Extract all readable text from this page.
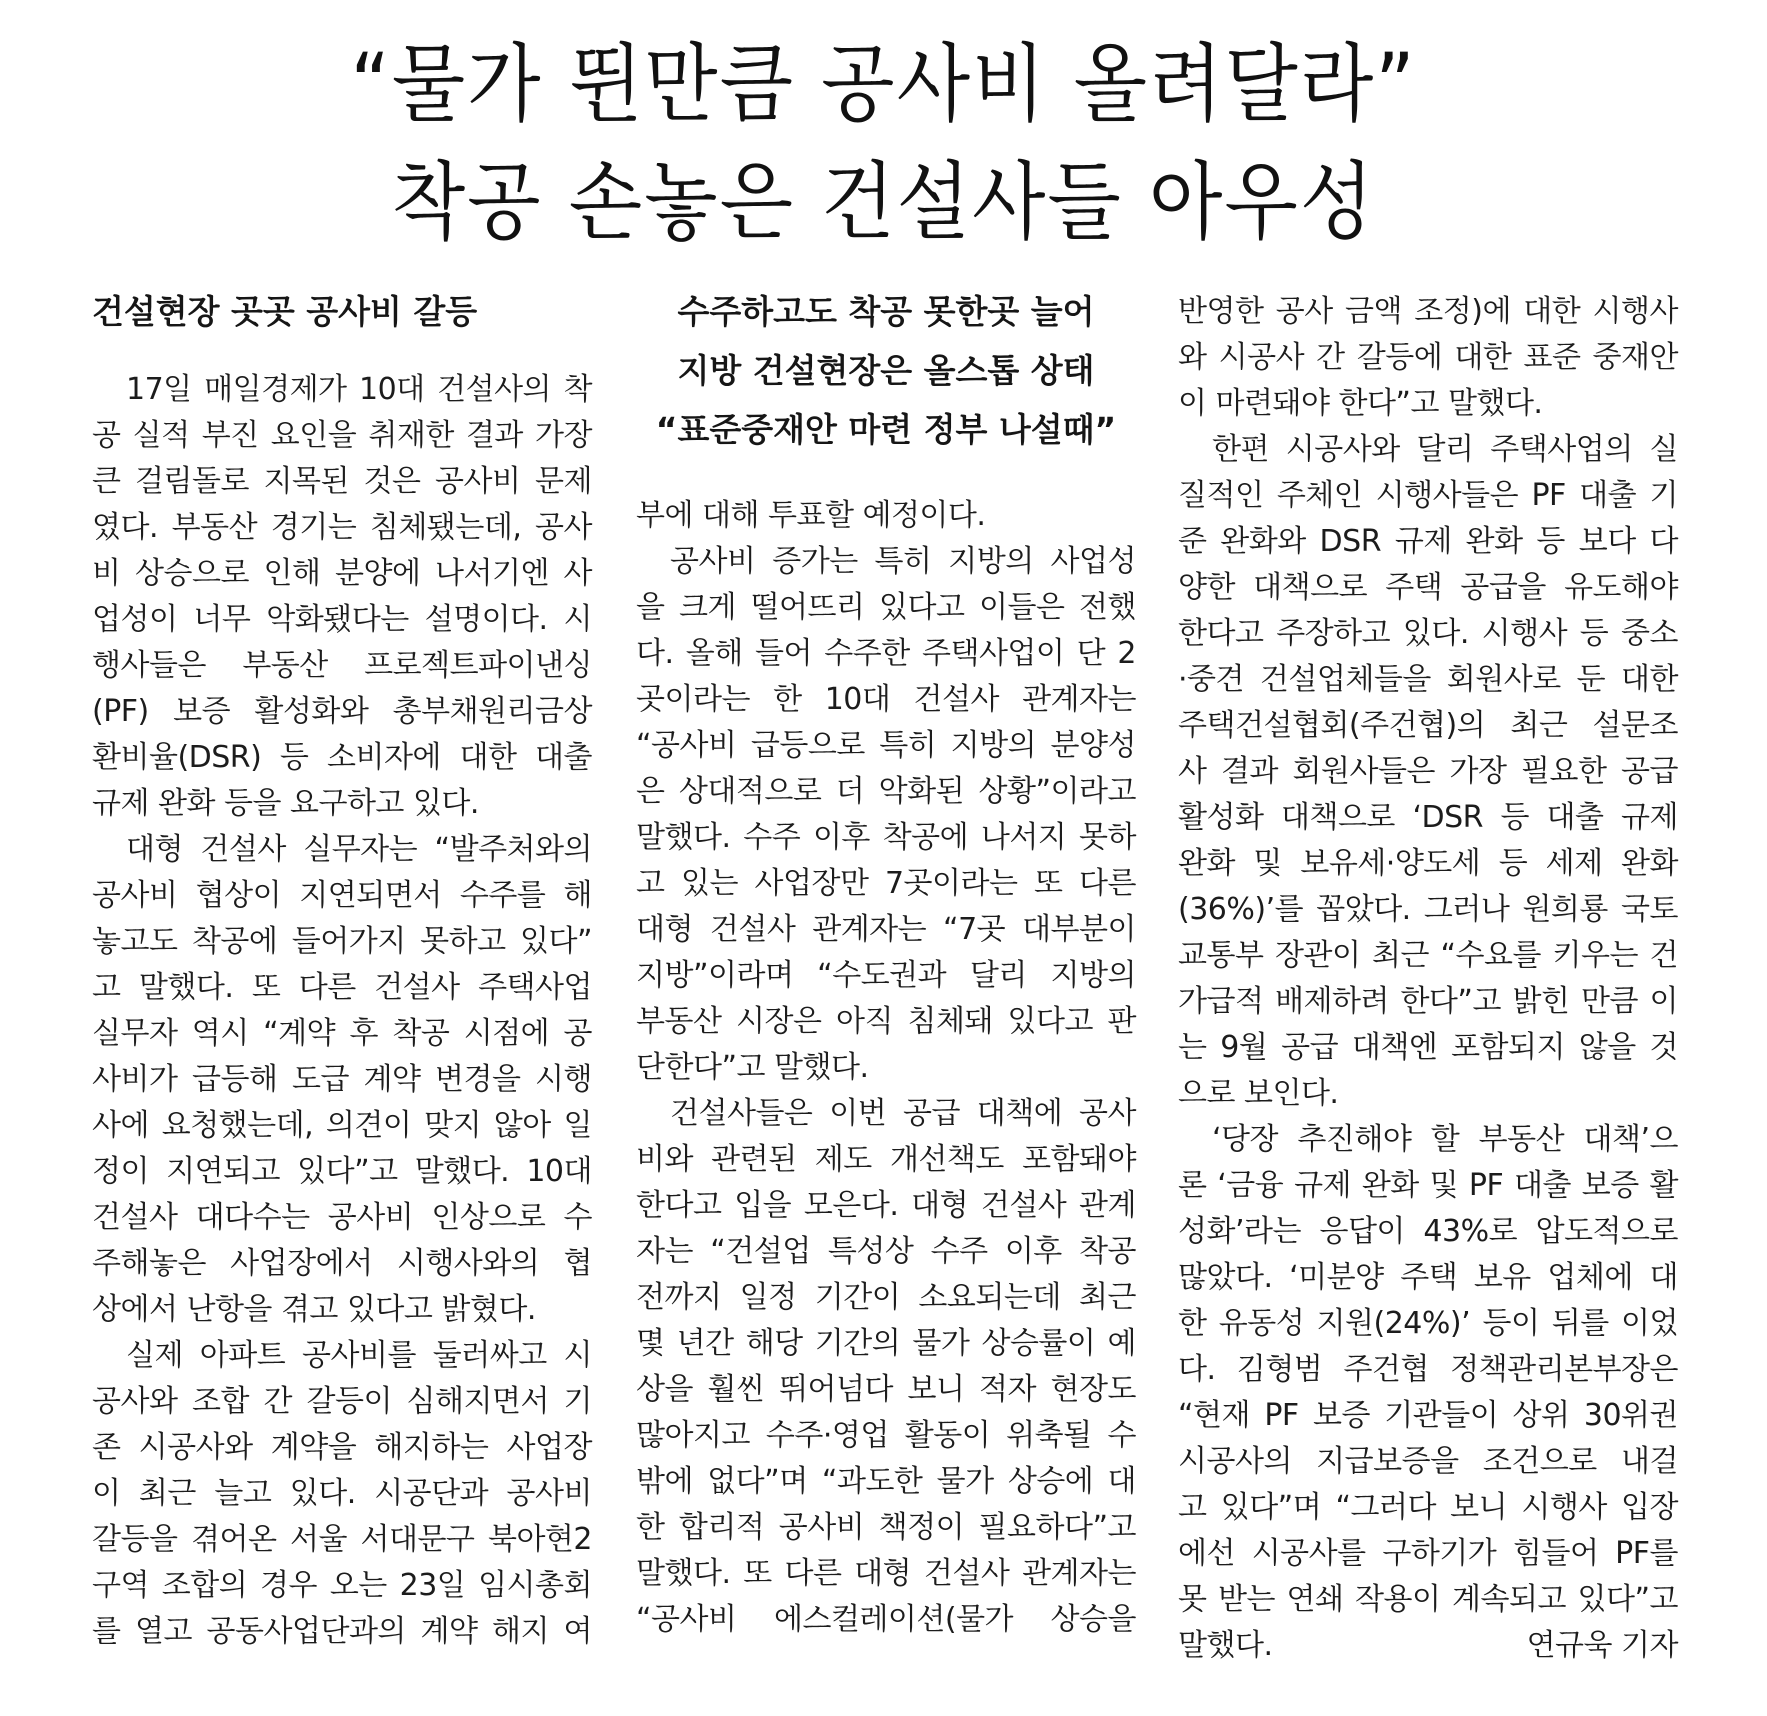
“물가 뛴만큼 공사비 올려달라”
착공 손놓은 건설사들 아우성
건설현장 곳곳 공사비 갈등
17일 매일경제가 10대 건설사의 착
공 실적 부진 요인을 취재한 결과 가장
큰 걸림돌로 지목된 것은 공사비 문제
였다. 부동산 경기는 침체됐는데, 공사
비 상승으로 인해 분양에 나서기엔 사
업성이 너무 악화됐다는 설명이다. 시
행사들은 부동산 프로젝트파이낸싱
(PF) 보증 활성화와 총부채원리금상
환비율(DSR) 등 소비자에 대한 대출
규제 완화 등을 요구하고 있다.
대형 건설사 실무자는 “발주처와의
공사비 협상이 지연되면서 수주를 해
놓고도 착공에 들어가지 못하고 있다”
고 말했다. 또 다른 건설사 주택사업
실무자 역시 “계약 후 착공 시점에 공
사비가 급등해 도급 계약 변경을 시행
사에 요청했는데, 의견이 맞지 않아 일
정이 지연되고 있다”고 말했다. 10대
건설사 대다수는 공사비 인상으로 수
주해놓은 사업장에서 시행사와의 협
상에서 난항을 겪고 있다고 밝혔다.
실제 아파트 공사비를 둘러싸고 시
공사와 조합 간 갈등이 심해지면서 기
존 시공사와 계약을 해지하는 사업장
이 최근 늘고 있다. 시공단과 공사비
갈등을 겪어온 서울 서대문구 북아현2
구역 조합의 경우 오는 23일 임시총회
를 열고 공동사업단과의 계약 해지 여
수주하고도 착공 못한곳 늘어
지방 건설현장은 올스톱 상태
“표준중재안 마련 정부 나설때”
부에 대해 투표할 예정이다.
공사비 증가는 특히 지방의 사업성
을 크게 떨어뜨리 있다고 이들은 전했
다. 올해 들어 수주한 주택사업이 단 2
곳이라는 한 10대 건설사 관계자는
“공사비 급등으로 특히 지방의 분양성
은 상대적으로 더 악화된 상황”이라고
말했다. 수주 이후 착공에 나서지 못하
고 있는 사업장만 7곳이라는 또 다른
대형 건설사 관계자는 “7곳 대부분이
지방”이라며 “수도권과 달리 지방의
부동산 시장은 아직 침체돼 있다고 판
단한다”고 말했다.
건설사들은 이번 공급 대책에 공사
비와 관련된 제도 개선책도 포함돼야
한다고 입을 모은다. 대형 건설사 관계
자는 “건설업 특성상 수주 이후 착공
전까지 일정 기간이 소요되는데 최근
몇 년간 해당 기간의 물가 상승률이 예
상을 훨씬 뛰어넘다 보니 적자 현장도
많아지고 수주·영업 활동이 위축될 수
밖에 없다”며 “과도한 물가 상승에 대
한 합리적 공사비 책정이 필요하다”고
말했다. 또 다른 대형 건설사 관계자는
“공사비 에스컬레이션(물가 상승을
반영한 공사 금액 조정)에 대한 시행사
와 시공사 간 갈등에 대한 표준 중재안
이 마련돼야 한다”고 말했다.
한편 시공사와 달리 주택사업의 실
질적인 주체인 시행사들은 PF 대출 기
준 완화와 DSR 규제 완화 등 보다 다
양한 대책으로 주택 공급을 유도해야
한다고 주장하고 있다. 시행사 등 중소
·중견 건설업체들을 회원사로 둔 대한
주택건설협회(주건협)의 최근 설문조
사 결과 회원사들은 가장 필요한 공급
활성화 대책으로 ‘DSR 등 대출 규제
완화 및 보유세·양도세 등 세제 완화
(36%)’를 꼽았다. 그러나 원희룡 국토
교통부 장관이 최근 “수요를 키우는 건
가급적 배제하려 한다”고 밝힌 만큼 이
는 9월 공급 대책엔 포함되지 않을 것
으로 보인다.
‘당장 추진해야 할 부동산 대책’으
론 ‘금융 규제 완화 및 PF 대출 보증 활
성화’라는 응답이 43%로 압도적으로
많았다. ‘미분양 주택 보유 업체에 대
한 유동성 지원(24%)’ 등이 뒤를 이었
다. 김형범 주건협 정책관리본부장은
“현재 PF 보증 기관들이 상위 30위권
시공사의 지급보증을 조건으로 내걸
고 있다”며 “그러다 보니 시행사 입장
에선 시공사를 구하기가 힘들어 PF를
못 받는 연쇄 작용이 계속되고 있다”고
말했다.	연규욱 기자
